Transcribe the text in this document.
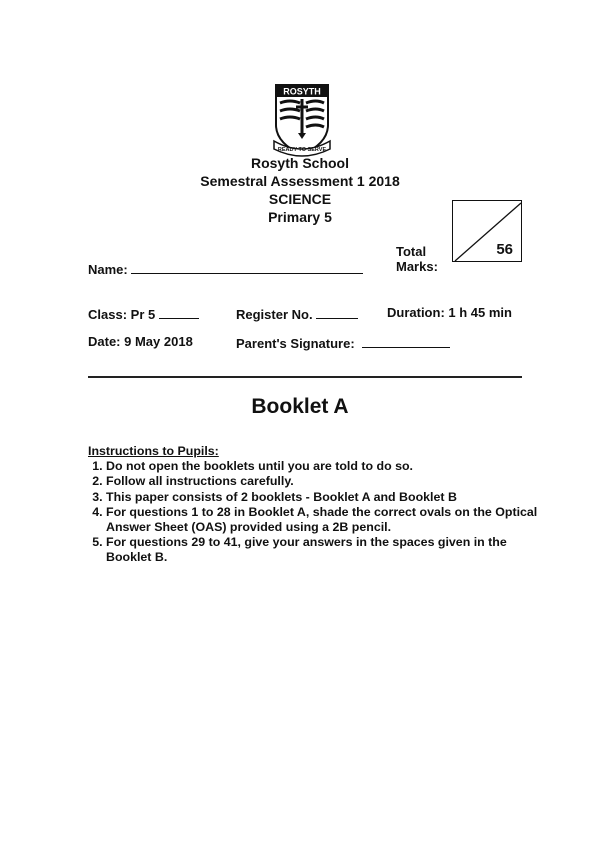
ROSYTH
READY TO SERVE
Rosyth School
Semestral Assessment 1 2018
SCIENCE
Primary 5
Total
Marks:
56
Name:
Class: Pr 5	Register No.	Duration: 1 h 45 min
Date: 9 May 2018	Parent's Signature:
Booklet A
Instructions to Pupils:
1. Do not open the booklets until you are told to do so.
2. Follow all instructions carefully.
3. This paper consists of 2 booklets - Booklet A and Booklet B
4. For questions 1 to 28 in Booklet A, shade the correct ovals on the Optical Answer Sheet (OAS) provided using a 2B pencil.
5. For questions 29 to 41, give your answers in the spaces given in the Booklet B.
